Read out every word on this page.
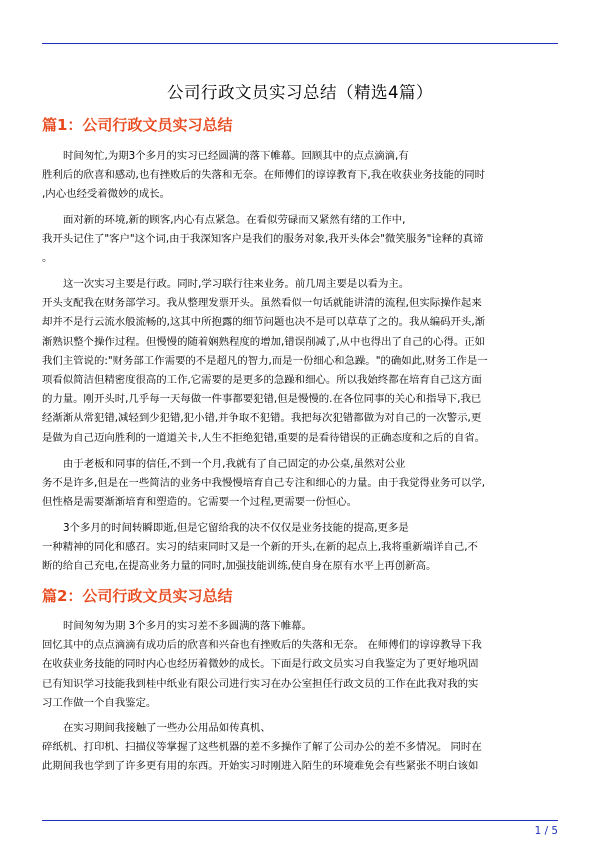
公司行政文员实习总结（精选4篇）
篇1：公司行政文员实习总结

时间匆忙,为期3个多月的实习已经圆满的落下帷幕。回顾其中的点点滴滴,有
胜利后的欣喜和感动,也有挫败后的失落和无奈。在师傅们的谆谆教育下,我在收获业务技能的同时
,内心也经受着微妙的成长。

面对新的环境,新的顾客,内心有点紧急。在看似劳碌而又紧然有绪的工作中,
我开头记住了"客户"这个词,由于我深知客户是我们的服务对象,我开头体会"微笑服务"诠释的真谛
。

这一次实习主要是行政。同时,学习联行往来业务。前几周主要是以看为主。
开头支配我在财务部学习。我从整理发票开头。虽然看似一句话就能讲清的流程,但实际操作起来
却并不是行云流水般流畅的,这其中所抱露的细节问题也决不是可以草草了之的。我从编码开头,渐
渐熟识整个操作过程。但慢慢的随着娴熟程度的增加,错误削减了,从中也得出了自己的心得。正如
我们主管说的:"财务部工作需要的不是超凡的智力,而是一份细心和急躁。"的确如此,财务工作是一
项看似简洁但精密度很高的工作,它需要的是更多的急躁和细心。所以我始终都在培育自己这方面
的力量。刚开头时,几乎每一天每做一件事都要犯错,但是慢慢的.在各位同事的关心和指导下,我已
经渐渐从常犯错,减轻到少犯错,犯小错,并争取不犯错。我把每次犯错都做为对自己的一次警示,更
是做为自己迈向胜利的一道道关卡,人生不拒绝犯错,重要的是看待错误的正确态度和之后的自省。

由于老板和同事的信任,不到一个月,我就有了自己固定的办公桌,虽然对公业
务不是许多,但是在一些简洁的业务中我慢慢培育自己专注和细心的力量。由于我觉得业务可以学,
但性格是需要渐渐培育和塑造的。它需要一个过程,更需要一份恒心。

3个多月的时间转瞬即逝,但是它留给我的决不仅仅是业务技能的提高,更多是
一种精神的同化和感召。实习的结束同时又是一个新的开头,在新的起点上,我将重新端详自己,不
断的给自己充电,在提高业务力量的同时,加强技能训练,使自身在原有水平上再创新高。

篇2：公司行政文员实习总结

时间匆匆为期 3个多月的实习差不多圆满的落下帷幕。
回忆其中的点点滴滴有成功后的欣喜和兴奋也有挫败后的失落和无奈。 在师傅们的谆谆教导下我
在收获业务技能的同时内心也经历着微妙的成长。下面是行政文员实习自我鉴定为了更好地巩固
已有知识学习技能我到桂中纸业有限公司进行实习在办公室担任行政文员的工作在此我对我的实
习工作做一个自我鉴定。

在实习期间我接触了一些办公用品如传真机、
碎纸机、打印机、扫描仪等掌握了这些机器的差不多操作了解了公司办公的差不多情况。 同时在
此期间我也学到了许多更有用的东西。开始实习时刚进入陌生的环境难免会有些紧张不明白该如

1 / 5
